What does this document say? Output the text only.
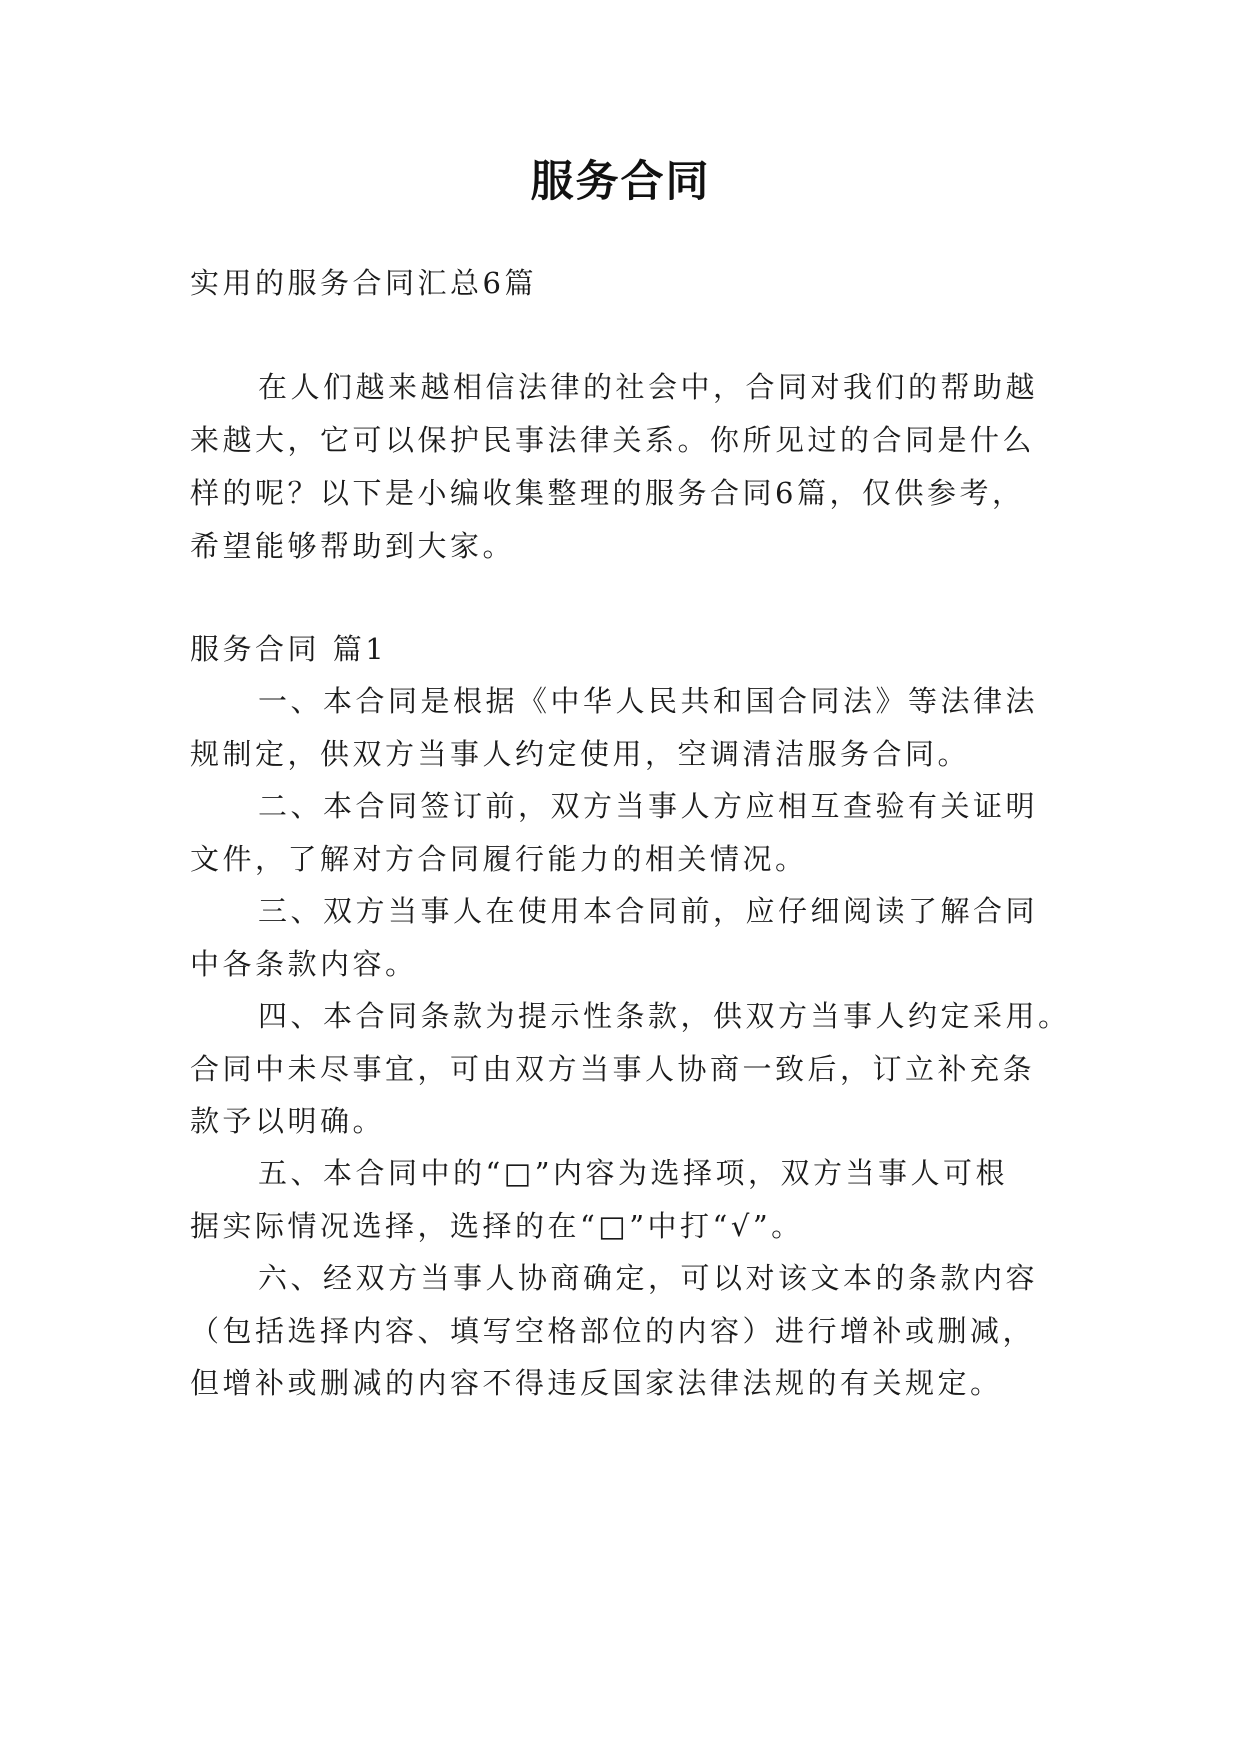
服务合同
实用的服务合同汇总6篇
在人们越来越相信法律的社会中，合同对我们的帮助越
来越大，它可以保护民事法律关系。你所见过的合同是什么
样的呢？以下是小编收集整理的服务合同6篇，仅供参考，
希望能够帮助到大家。
服务合同 篇1
一、本合同是根据《中华人民共和国合同法》等法律法
规制定，供双方当事人约定使用，空调清洁服务合同。
二、本合同签订前，双方当事人方应相互查验有关证明
文件，了解对方合同履行能力的相关情况。
三、双方当事人在使用本合同前，应仔细阅读了解合同
中各条款内容。
四、本合同条款为提示性条款，供双方当事人约定采用。
合同中未尽事宜，可由双方当事人协商一致后，订立补充条
款予以明确。
五、本合同中的“□”内容为选择项，双方当事人可根
据实际情况选择，选择的在“□”中打“√”。
六、经双方当事人协商确定，可以对该文本的条款内容
（包括选择内容、填写空格部位的内容）进行增补或删减，
但增补或删减的内容不得违反国家法律法规的有关规定。
